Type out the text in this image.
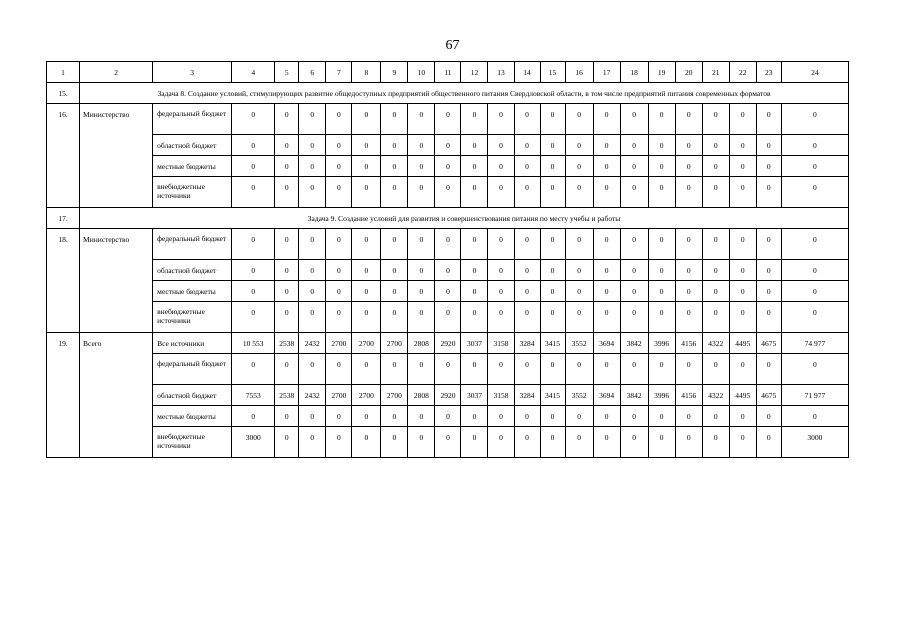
67
1	2	3	4	5	6	7	8	9	10	11	12	13	14	15	16	17	18	19	20	21	22	23	24
15.	Задача 8. Создание условий, стимулирующих развитие общедоступных предприятий общественного питания Свердловской области, в том числе предприятий питания современных форматов																						
16.	Министерство	федеральный бюджет	0	0	0	0	0	0	0	0	0	0	0	0	0	0	0	0	0	0	0	0	0
		областной бюджет	0	0	0	0	0	0	0	0	0	0	0	0	0	0	0	0	0	0	0	0	0
		местные бюджеты	0	0	0	0	0	0	0	0	0	0	0	0	0	0	0	0	0	0	0	0	0
		внебюджетные источники	0	0	0	0	0	0	0	0	0	0	0	0	0	0	0	0	0	0	0	0	0
17.	Задача 9. Создание условий для развития и совершенствования питания по месту учебы и работы																						
18.	Министерство	федеральный бюджет	0	0	0	0	0	0	0	0	0	0	0	0	0	0	0	0	0	0	0	0	0
		областной бюджет	0	0	0	0	0	0	0	0	0	0	0	0	0	0	0	0	0	0	0	0	0
		местные бюджеты	0	0	0	0	0	0	0	0	0	0	0	0	0	0	0	0	0	0	0	0	0
		внебюджетные источники	0	0	0	0	0	0	0	0	0	0	0	0	0	0	0	0	0	0	0	0	0
19.	Всего	Все источники	10 553	2538	2432	2700	2700	2700	2808	2920	3037	3158	3284	3415	3552	3694	3842	3996	4156	4322	4495	4675	74 977
		федеральный бюджет	0	0	0	0	0	0	0	0	0	0	0	0	0	0	0	0	0	0	0	0	0
		областной бюджет	7553	2538	2432	2700	2700	2700	2808	2920	3037	3158	3284	3415	3552	3694	3842	3996	4156	4322	4495	4675	71 977
		местные бюджеты	0	0	0	0	0	0	0	0	0	0	0	0	0	0	0	0	0	0	0	0	0
		внебюджетные источники	3000	0	0	0	0	0	0	0	0	0	0	0	0	0	0	0	0	0	0	0	3000
